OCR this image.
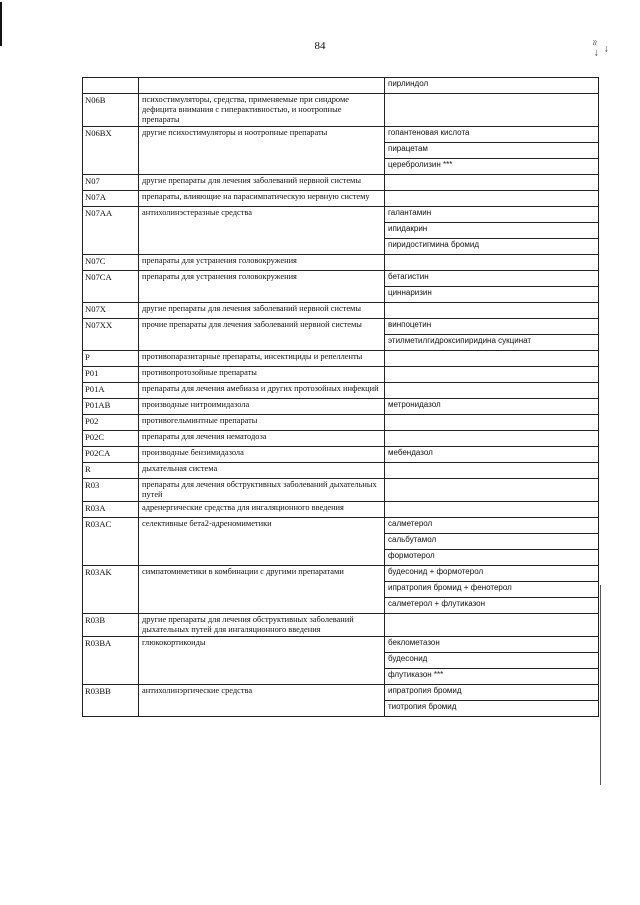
84	← ≈ ←

		пирлиндол

N06B	психостимуляторы, средства, применяемые при синдроме дефицита внимания с гиперактивностью, и ноотропные препараты	

N06BX	другие психостимуляторы и ноотропные препараты	гопантеновая кислота
пирацетам
церебролизин ***

N07	другие препараты для лечения заболеваний нервной системы	

N07A	препараты, влияющие на парасимпатическую нервную систему	

N07AA	антихолинэстеразные средства	галантамин
ипидакрин
пиридостигмина бромид

N07C	препараты для устранения головокружения	

N07CA	препараты для устранения головокружения	бетагистин
циннаризин

N07X	другие препараты для лечения заболеваний нервной системы	

N07XX	прочие препараты для лечения заболеваний нервной системы	винпоцетин
этилметилгидроксипиридина сукцинат

P	противопаразитарные препараты, инсектициды и репелленты	

P01	противопротозойные препараты	

P01A	препараты для лечения амебиаза и других протозойных инфекций	

P01AB	производные нитроимидазола	метронидазол

P02	противогельминтные препараты	

P02C	препараты для лечения нематодоза	

P02CA	производные бензимидазола	мебендазол

R	дыхательная система	

R03	препараты для лечения обструктивных заболеваний дыхательных путей	

R03A	адренергические средства для ингаляционного введения	

R03AC	селективные бета2-адреномиметики	салметерол
сальбутамол
формотерол

R03AK	симпатомиметики в комбинации с другими препаратами	будесонид + формотерол
ипратропия бромид + фенотерол
салметерол + флутиказон

R03B	другие препараты для лечения обструктивных заболеваний дыхательных путей для ингаляционного введения	

R03BA	глюкокортикоиды	беклометазон
будесонид
флутиказон ***

R03BB	антихолинэргические средства	ипратропия бромид
тиотропия бромид
